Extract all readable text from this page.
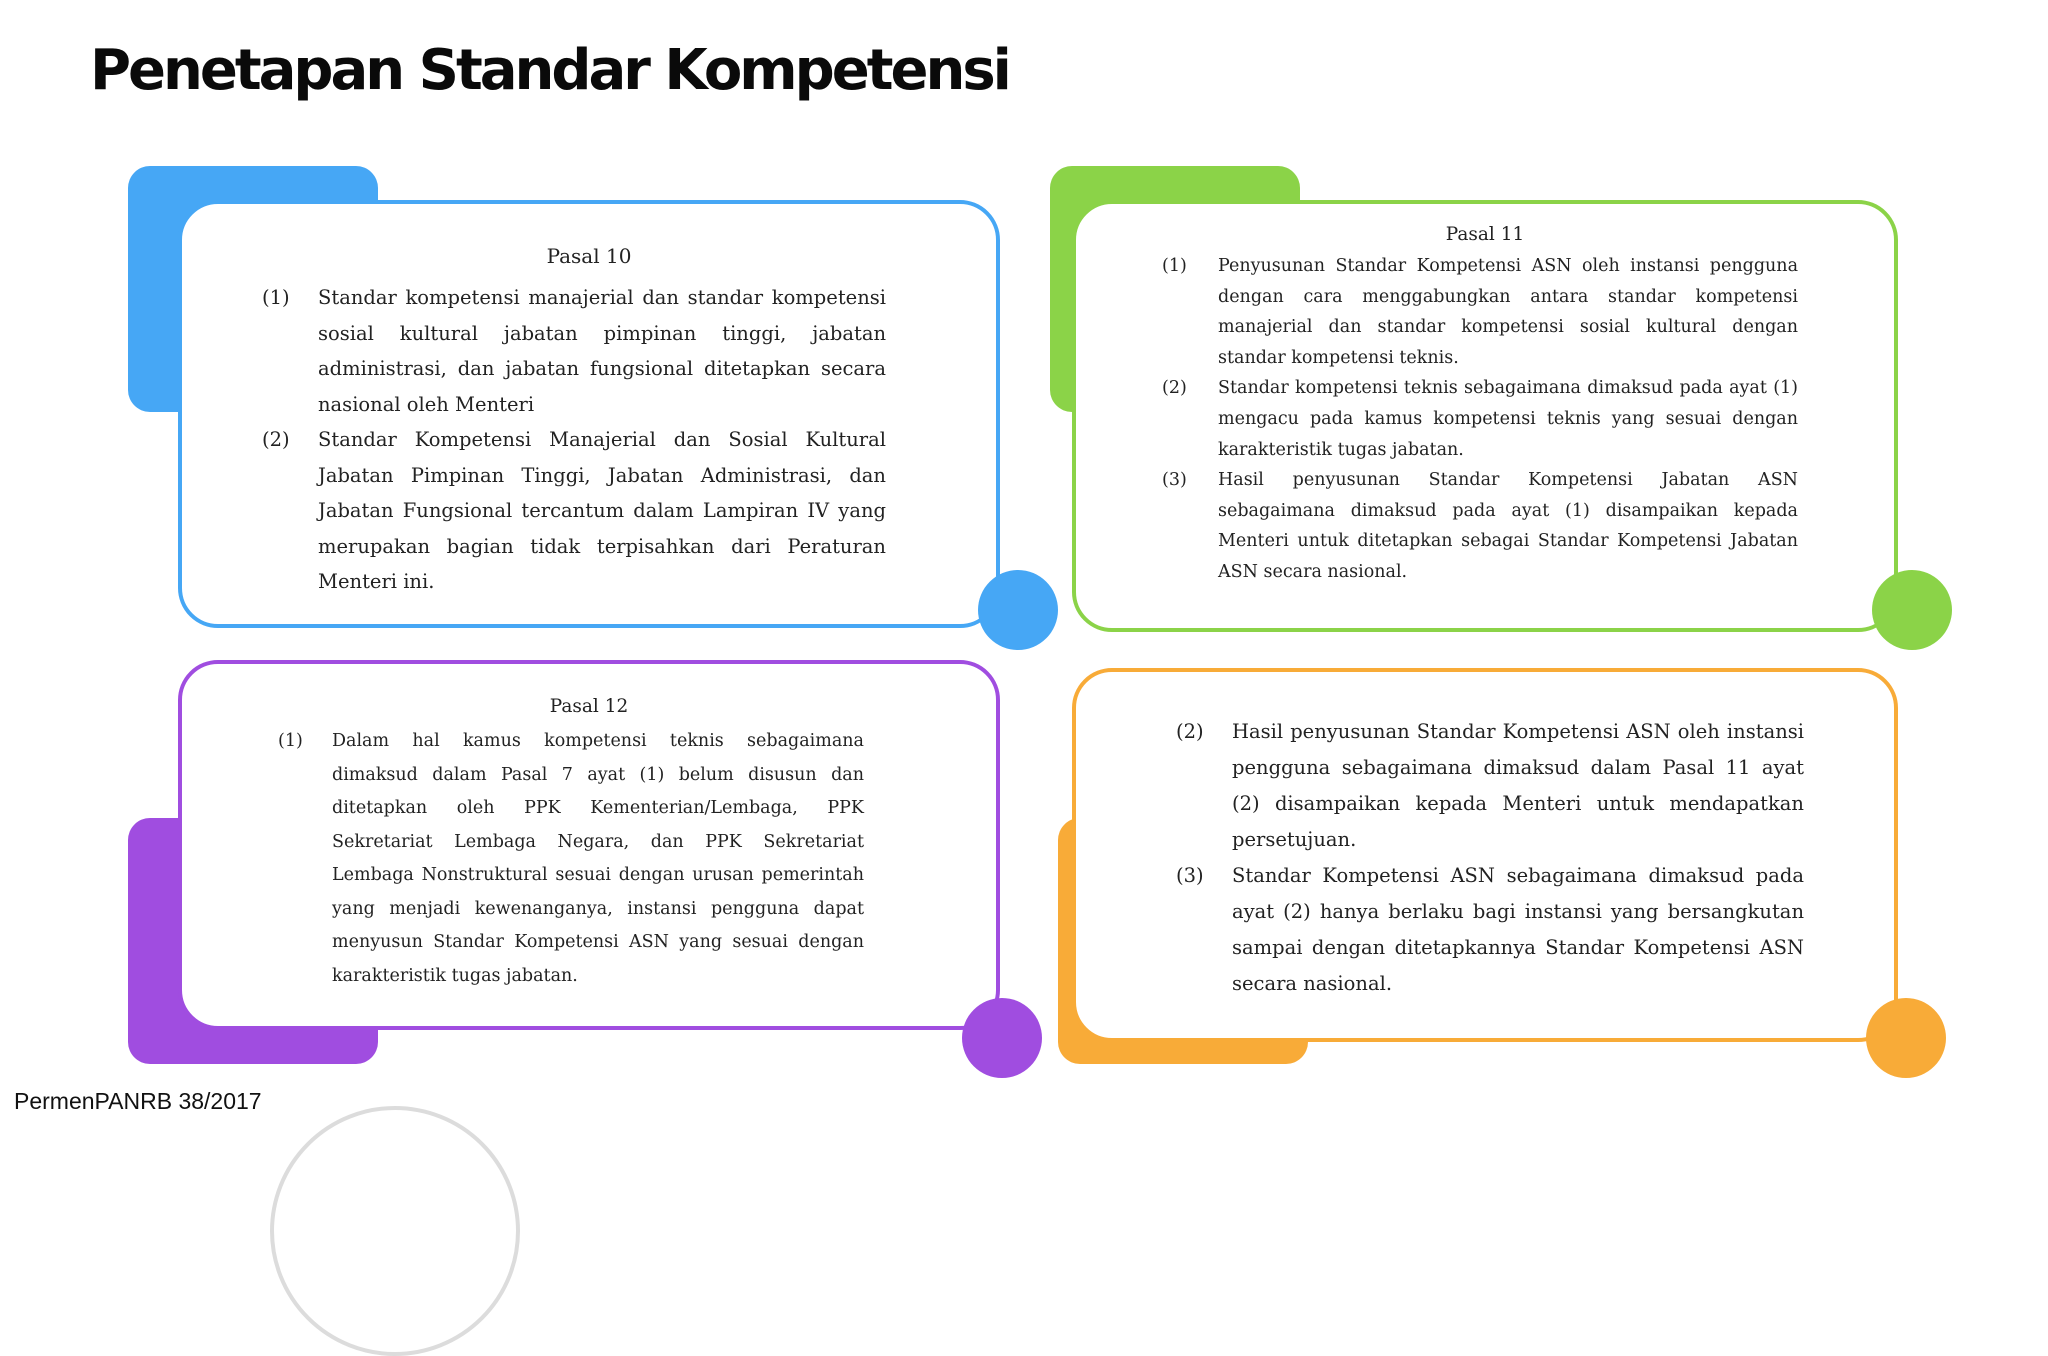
Penetapan Standar Kompetensi
Pasal 10
(1)	Standar kompetensi manajerial dan standar kompetensi sosial kultural jabatan pimpinan tinggi, jabatan administrasi, dan jabatan fungsional ditetapkan secara nasional oleh Menteri
(2)	Standar Kompetensi Manajerial dan Sosial Kultural Jabatan Pimpinan Tinggi, Jabatan Administrasi, dan Jabatan Fungsional tercantum dalam Lampiran IV yang merupakan bagian tidak terpisahkan dari Peraturan Menteri ini.
Pasal 11
(1)	Penyusunan Standar Kompetensi ASN oleh instansi pengguna dengan cara menggabungkan antara standar kompetensi manajerial dan standar kompetensi sosial kultural dengan standar kompetensi teknis.
(2)	Standar kompetensi teknis sebagaimana dimaksud pada ayat (1) mengacu pada kamus kompetensi teknis yang sesuai dengan karakteristik tugas jabatan.
(3)	Hasil penyusunan Standar Kompetensi Jabatan ASN sebagaimana dimaksud pada ayat (1) disampaikan kepada Menteri untuk ditetapkan sebagai Standar Kompetensi Jabatan ASN secara nasional.
Pasal 12
(1)	Dalam hal kamus kompetensi teknis sebagaimana dimaksud dalam Pasal 7 ayat (1) belum disusun dan ditetapkan oleh PPK Kementerian/Lembaga, PPK Sekretariat Lembaga Negara, dan PPK Sekretariat Lembaga Nonstruktural sesuai dengan urusan pemerintah yang menjadi kewenanganya, instansi pengguna dapat menyusun Standar Kompetensi ASN yang sesuai dengan karakteristik tugas jabatan.
(2)	Hasil penyusunan Standar Kompetensi ASN oleh instansi pengguna sebagaimana dimaksud dalam Pasal 11 ayat (2) disampaikan kepada Menteri untuk mendapatkan persetujuan.
(3)	Standar Kompetensi ASN sebagaimana dimaksud pada ayat (2) hanya berlaku bagi instansi yang bersangkutan sampai dengan ditetapkannya Standar Kompetensi ASN secara nasional.
PermenPANRB 38/2017
